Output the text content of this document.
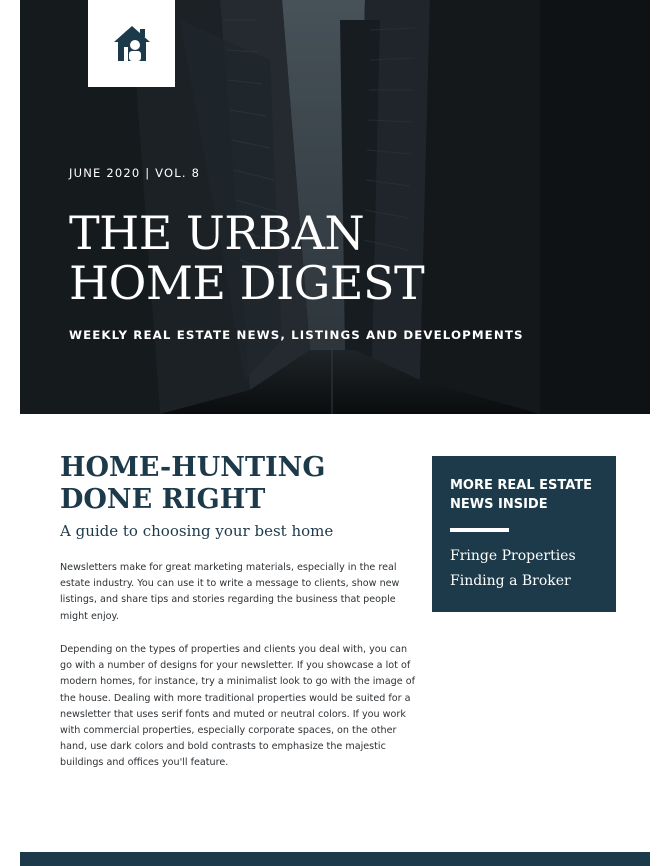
JUNE 2020 | VOL. 8
THE URBAN
HOME DIGEST
WEEKLY REAL ESTATE NEWS, LISTINGS AND DEVELOPMENTS
HOME-HUNTING
DONE RIGHT
A guide to choosing your best home

Newsletters make for great marketing materials, especially in the real estate industry. You can use it to write a message to clients, show new listings, and share tips and stories regarding the business that people might enjoy.

Depending on the types of properties and clients you deal with, you can go with a number of designs for your newsletter. If you showcase a lot of modern homes, for instance, try a minimalist look to go with the image of the house. Dealing with more traditional properties would be suited for a newsletter that uses serif fonts and muted or neutral colors. If you work with commercial properties, especially corporate spaces, on the other hand, use dark colors and bold contrasts to emphasize the majestic buildings and offices you'll feature.

MORE REAL ESTATE NEWS INSIDE
Fringe Properties
Finding a Broker
